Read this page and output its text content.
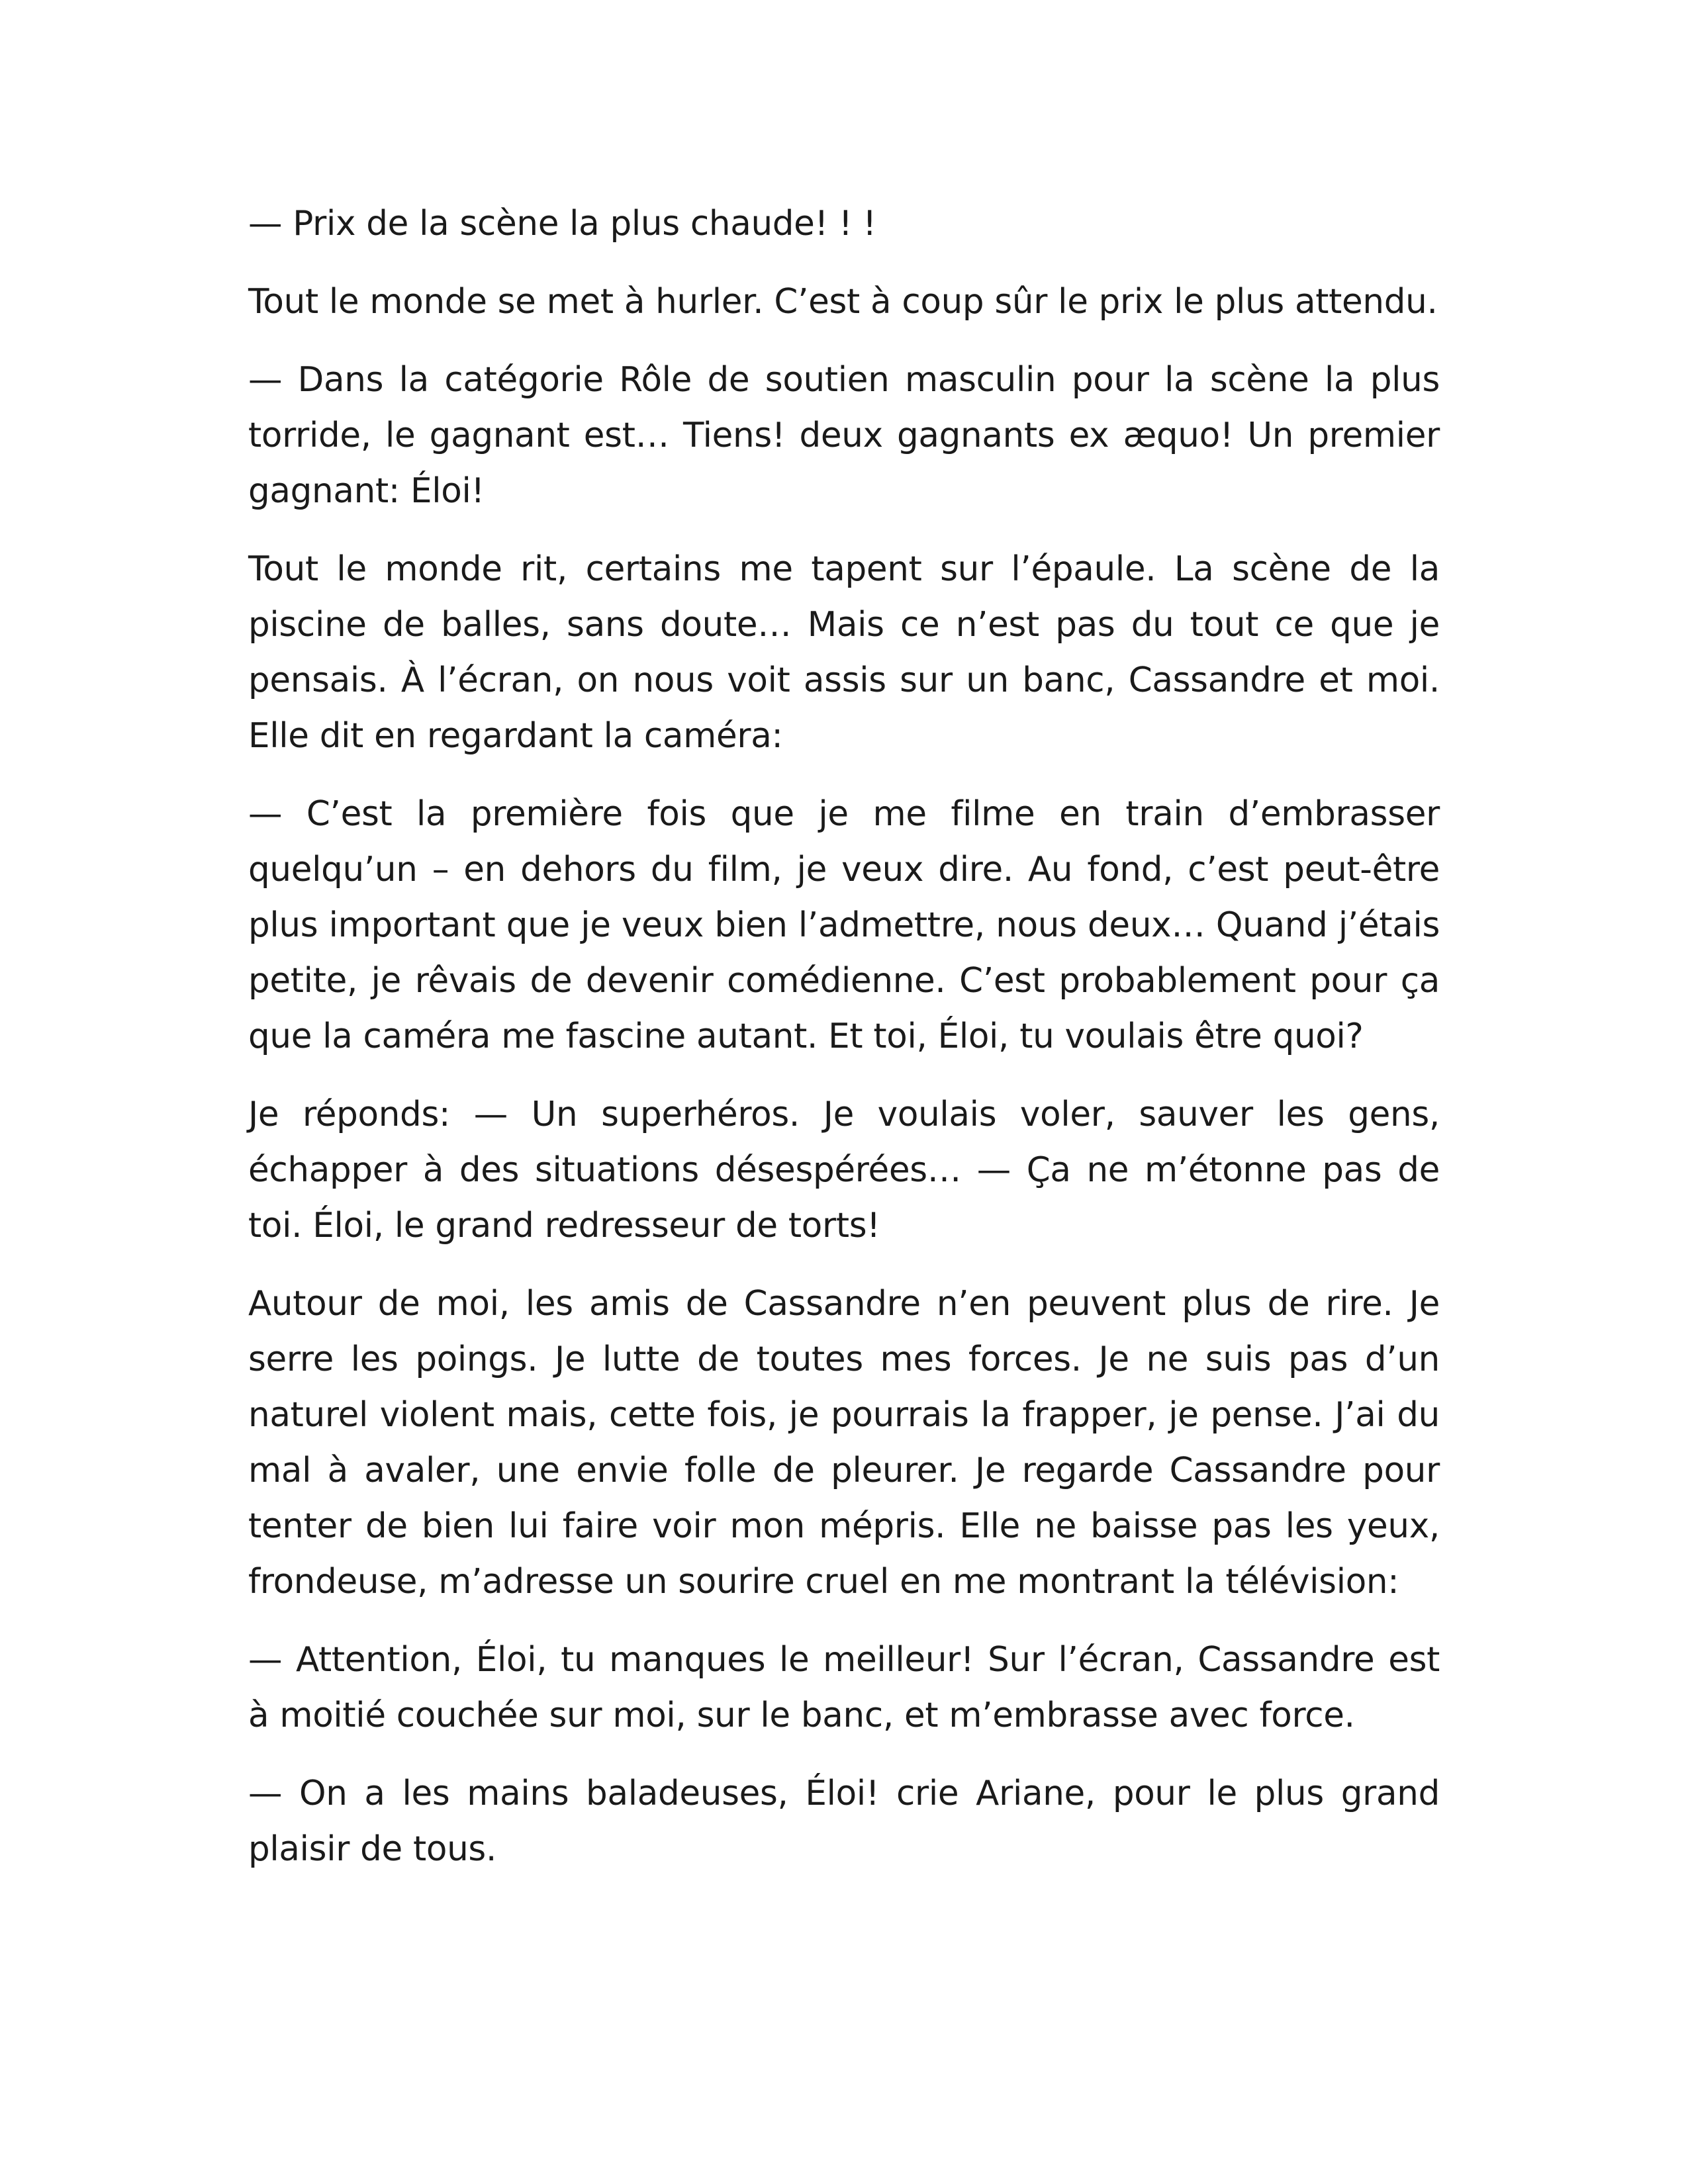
— Prix de la scène la plus chaude! ! !

Tout le monde se met à hurler. C’est à coup sûr le prix le plus attendu.

— Dans la catégorie Rôle de soutien masculin pour la scène la plus torride, le gagnant est… Tiens! deux gagnants ex æquo! Un premier gagnant: Éloi!

Tout le monde rit, certains me tapent sur l’épaule. La scène de la piscine de balles, sans doute… Mais ce n’est pas du tout ce que je pensais. À l’écran, on nous voit assis sur un banc, Cassandre et moi. Elle dit en regardant la caméra:

— C’est la première fois que je me filme en train d’embrasser quelqu’un – en dehors du film, je veux dire. Au fond, c’est peut-être plus important que je veux bien l’admettre, nous deux… Quand j’étais petite, je rêvais de devenir comédienne. C’est probablement pour ça que la caméra me fascine autant. Et toi, Éloi, tu voulais être quoi?

Je réponds: — Un superhéros. Je voulais voler, sauver les gens, échapper à des situations désespérées… — Ça ne m’étonne pas de toi. Éloi, le grand redresseur de torts!

Autour de moi, les amis de Cassandre n’en peuvent plus de rire. Je serre les poings. Je lutte de toutes mes forces. Je ne suis pas d’un naturel violent mais, cette fois, je pourrais la frapper, je pense. J’ai du mal à avaler, une envie folle de pleurer. Je regarde Cassandre pour tenter de bien lui faire voir mon mépris. Elle ne baisse pas les yeux, frondeuse, m’adresse un sourire cruel en me montrant la télévision:

— Attention, Éloi, tu manques le meilleur! Sur l’écran, Cassandre est à moitié couchée sur moi, sur le banc, et m’embrasse avec force.

— On a les mains baladeuses, Éloi! crie Ariane, pour le plus grand plaisir de tous.
